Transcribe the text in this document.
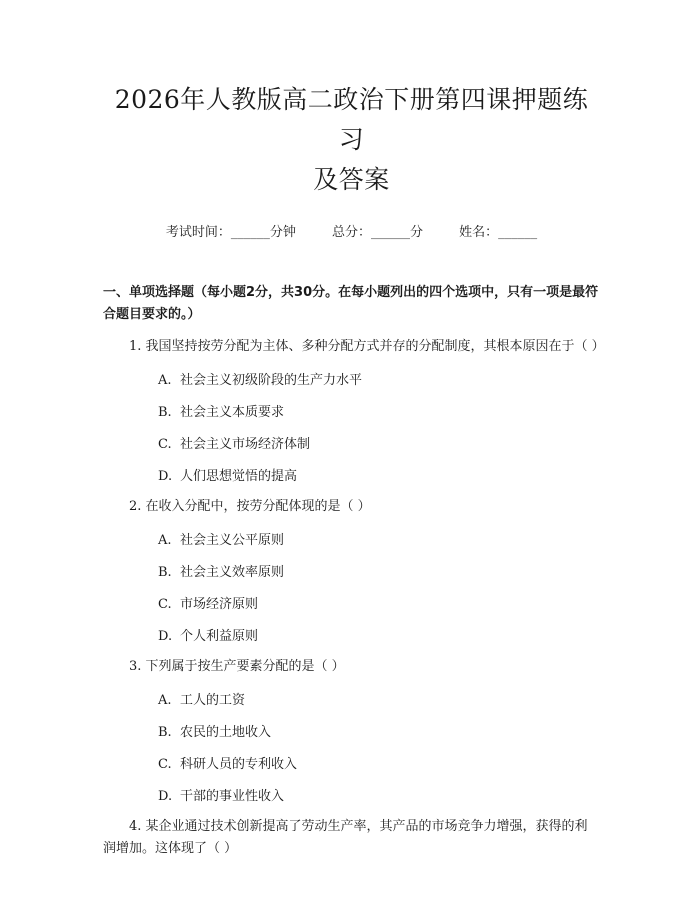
2026年人教版高二政治下册第四课押题练习
及答案
考试时间：______分钟	总分：______分	姓名：______
一、单项选择题（每小题2分，共30分。在每小题列出的四个选项中，只有一项是最符合题目要求的。）

1. 我国坚持按劳分配为主体、多种分配方式并存的分配制度，其根本原因在于（ ）

A. 社会主义初级阶段的生产力水平
B. 社会主义本质要求
C. 社会主义市场经济体制
D. 人们思想觉悟的提高

2. 在收入分配中，按劳分配体现的是（ ）

A. 社会主义公平原则
B. 社会主义效率原则
C. 市场经济原则
D. 个人利益原则

3. 下列属于按生产要素分配的是（ ）

A. 工人的工资
B. 农民的土地收入
C. 科研人员的专利收入
D. 干部的事业性收入

4. 某企业通过技术创新提高了劳动生产率，其产品的市场竞争力增强，获得的利润增加。这体现了（ ）
